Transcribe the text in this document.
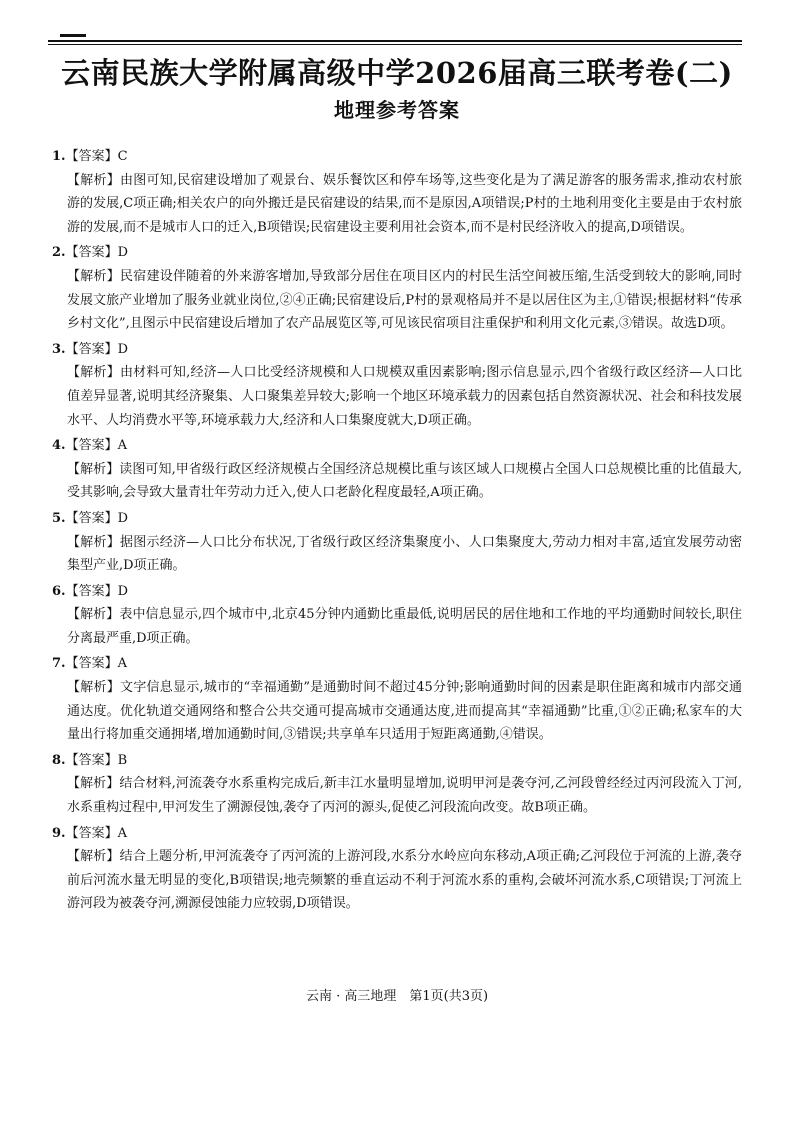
云南民族大学附属高级中学2026届高三联考卷(二)
地理参考答案

1.【答案】C

【解析】由图可知,民宿建设增加了观景台、娱乐餐饮区和停车场等,这些变化是为了满足游客的服务需求,推动农村旅游的发展,C项正确;相关农户的向外搬迁是民宿建设的结果,而不是原因,A项错误;P村的土地利用变化主要是由于农村旅游的发展,而不是城市人口的迁入,B项错误;民宿建设主要利用社会资本,而不是村民经济收入的提高,D项错误。

2.【答案】D

【解析】民宿建设伴随着的外来游客增加,导致部分居住在项目区内的村民生活空间被压缩,生活受到较大的影响,同时发展文旅产业增加了服务业就业岗位,②④正确;民宿建设后,P村的景观格局并不是以居住区为主,①错误;根据材料“传承乡村文化”,且图示中民宿建设后增加了农产品展览区等,可见该民宿项目注重保护和利用文化元素,③错误。故选D项。

3.【答案】D

【解析】由材料可知,经济—人口比受经济规模和人口规模双重因素影响;图示信息显示,四个省级行政区经济—人口比值差异显著,说明其经济聚集、人口聚集差异较大;影响一个地区环境承载力的因素包括自然资源状况、社会和科技发展水平、人均消费水平等,环境承载力大,经济和人口集聚度就大,D项正确。

4.【答案】A

【解析】读图可知,甲省级行政区经济规模占全国经济总规模比重与该区域人口规模占全国人口总规模比重的比值最大,受其影响,会导致大量青壮年劳动力迁入,使人口老龄化程度最轻,A项正确。

5.【答案】D

【解析】据图示经济—人口比分布状况,丁省级行政区经济集聚度小、人口集聚度大,劳动力相对丰富,适宜发展劳动密集型产业,D项正确。

6.【答案】D

【解析】表中信息显示,四个城市中,北京45分钟内通勤比重最低,说明居民的居住地和工作地的平均通勤时间较长,职住分离最严重,D项正确。

7.【答案】A

【解析】文字信息显示,城市的“幸福通勤”是通勤时间不超过45分钟;影响通勤时间的因素是职住距离和城市内部交通通达度。优化轨道交通网络和整合公共交通可提高城市交通通达度,进而提高其“幸福通勤”比重,①②正确;私家车的大量出行将加重交通拥堵,增加通勤时间,③错误;共享单车只适用于短距离通勤,④错误。

8.【答案】B

【解析】结合材料,河流袭夺水系重构完成后,新丰江水量明显增加,说明甲河是袭夺河,乙河段曾经经过丙河段流入丁河,水系重构过程中,甲河发生了溯源侵蚀,袭夺了丙河的源头,促使乙河段流向改变。故B项正确。

9.【答案】A

【解析】结合上题分析,甲河流袭夺了丙河流的上游河段,水系分水岭应向东移动,A项正确;乙河段位于河流的上游,袭夺前后河流水量无明显的变化,B项错误;地壳频繁的垂直运动不利于河流水系的重构,会破坏河流水系,C项错误;丁河流上游河段为被袭夺河,溯源侵蚀能力应较弱,D项错误。

云南 · 高三地理　第1页(共3页)
